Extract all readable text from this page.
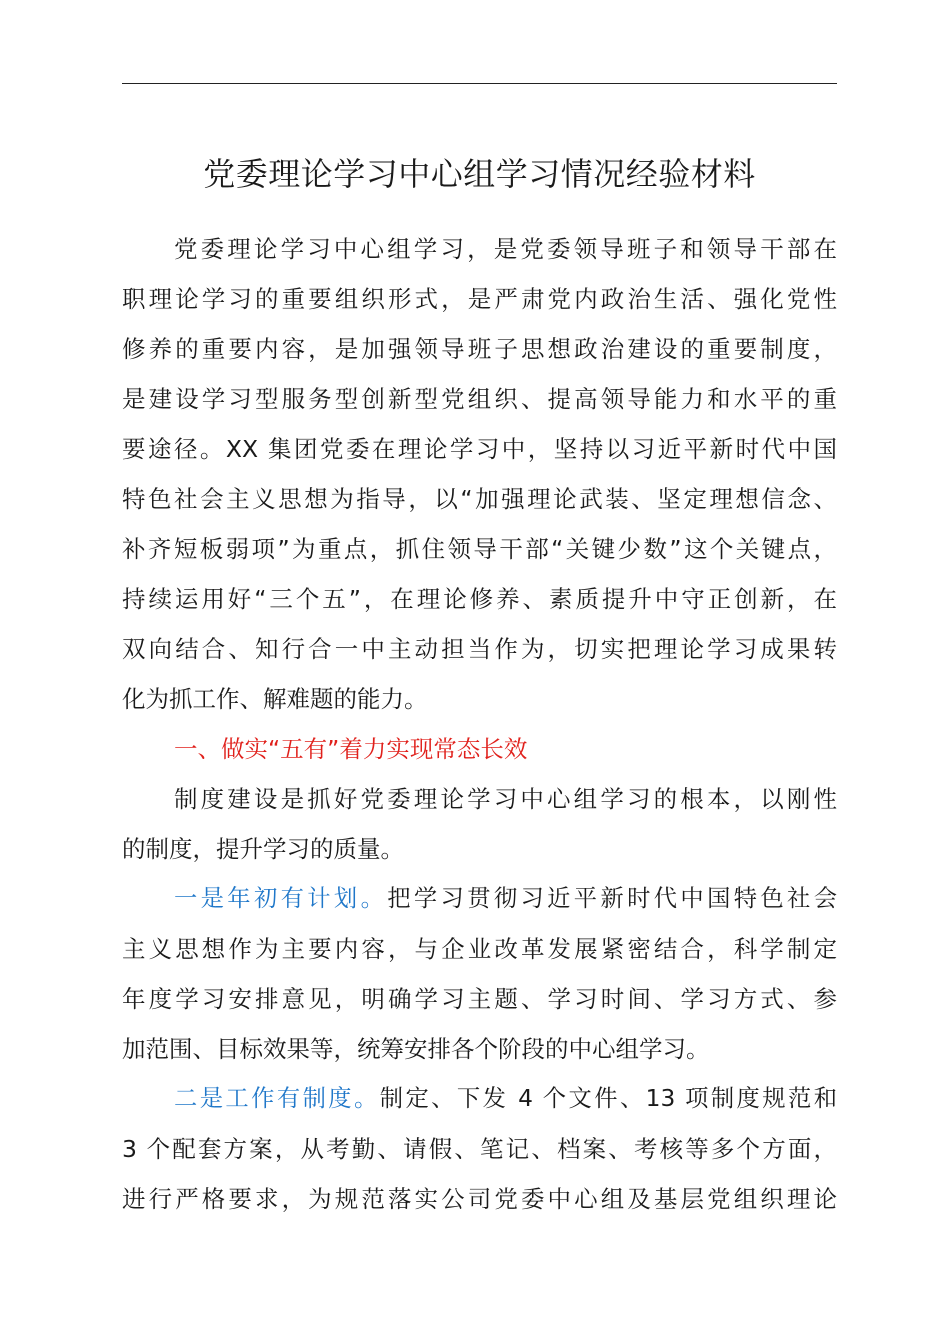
党委理论学习中心组学习情况经验材料
党委理论学习中心组学习，是党委领导班子和领导干部在
职理论学习的重要组织形式，是严肃党内政治生活、强化党性
修养的重要内容，是加强领导班子思想政治建设的重要制度，
是建设学习型服务型创新型党组织、提高领导能力和水平的重
要途径。XX 集团党委在理论学习中，坚持以习近平新时代中国
特色社会主义思想为指导，以“加强理论武装、坚定理想信念、
补齐短板弱项”为重点，抓住领导干部“关键少数”这个关键点，
持续运用好“三个五”，在理论修养、素质提升中守正创新，在
双向结合、知行合一中主动担当作为，切实把理论学习成果转
化为抓工作、解难题的能力。
一、做实“五有”着力实现常态长效
制度建设是抓好党委理论学习中心组学习的根本，以刚性
的制度，提升学习的质量。
一是年初有计划。把学习贯彻习近平新时代中国特色社会
主义思想作为主要内容，与企业改革发展紧密结合，科学制定
年度学习安排意见，明确学习主题、学习时间、学习方式、参
加范围、目标效果等，统筹安排各个阶段的中心组学习。
二是工作有制度。制定、下发 4 个文件、13 项制度规范和
3 个配套方案，从考勤、请假、笔记、档案、考核等多个方面，
进行严格要求，为规范落实公司党委中心组及基层党组织理论
